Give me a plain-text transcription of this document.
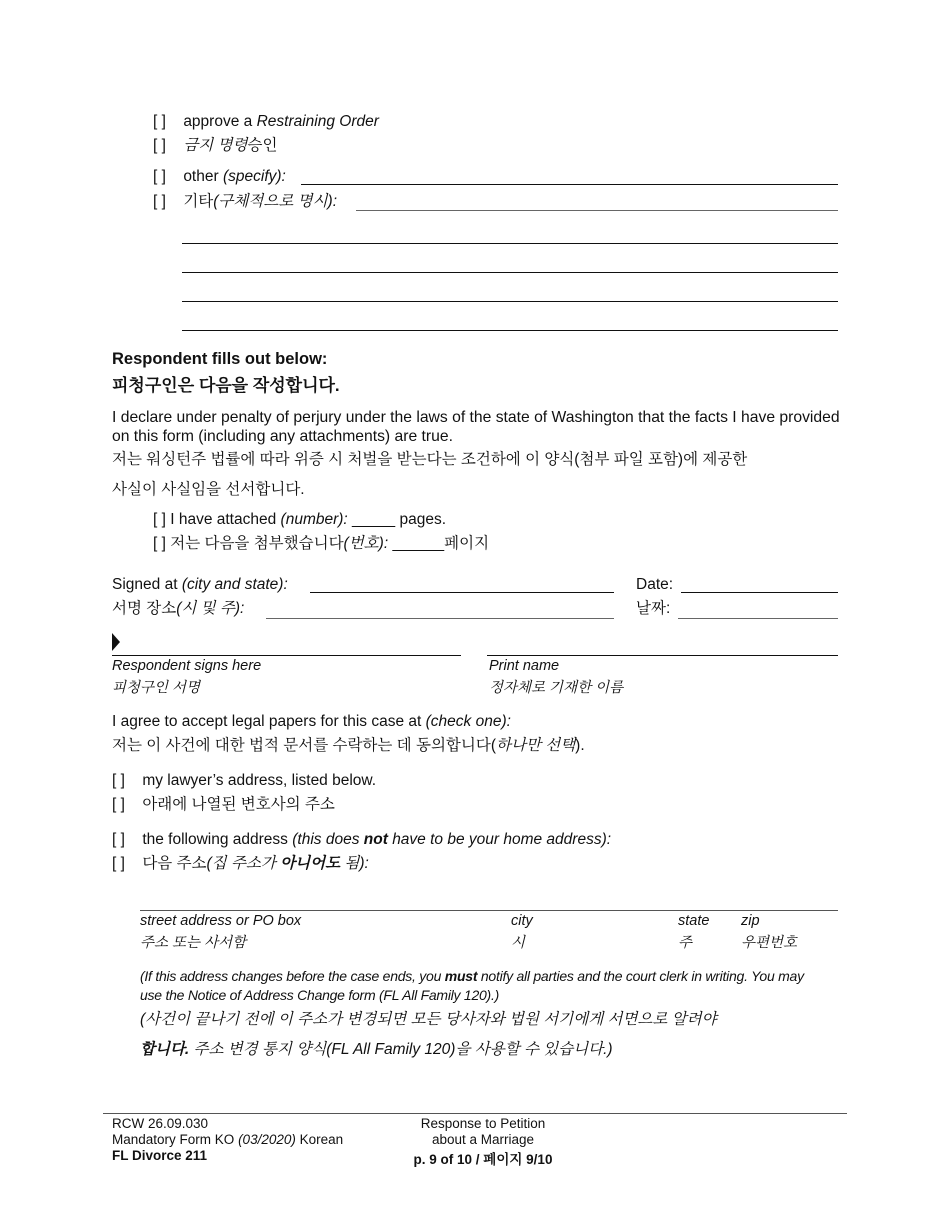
[ ] approve a Restraining Order
[ ] 금지 명령승인
[ ] other (specify):
[ ] 기타(구체적으로 명시):
Respondent fills out below:
피청구인은 다음을 작성합니다.
I declare under penalty of perjury under the laws of the state of Washington that the facts I have provided on this form (including any attachments) are true.
저는 워싱턴주 법률에 따라 위증 시 처벌을 받는다는 조건하에 이 양식(첨부 파일 포함)에 제공한
사실이 사실임을 선서합니다.
[ ] I have attached (number): _____ pages.
[ ] 저는 다음을 첨부했습니다(번호): ______페이지
Signed at (city and state):	Date:
서명 장소(시 및 주):	날짜:
Respondent signs here
피청구인 서명
Print name
정자체로 기재한 이름
I agree to accept legal papers for this case at (check one):
저는 이 사건에 대한 법적 문서를 수락하는 데 동의합니다(하나만 선택).
[ ] my lawyer’s address, listed below.
[ ] 아래에 나열된 변호사의 주소
[ ] the following address (this does not have to be your home address):
[ ] 다음 주소(집 주소가 아니어도 됨):
street address or PO box
주소 또는 사서함
city
시
state
주
zip
우편번호
(If this address changes before the case ends, you must notify all parties and the court clerk in writing. You may
use the Notice of Address Change form (FL All Family 120).)
(사건이 끝나기 전에 이 주소가 변경되면 모든 당사자와 법원 서기에게 서면으로 알려야
합니다. 주소 변경 통지 양식(FL All Family 120)을 사용할 수 있습니다.)
RCW 26.09.030
Mandatory Form KO (03/2020) Korean
FL Divorce 211
Response to Petition
about a Marriage
p. 9 of 10 / 페이지 9/10
